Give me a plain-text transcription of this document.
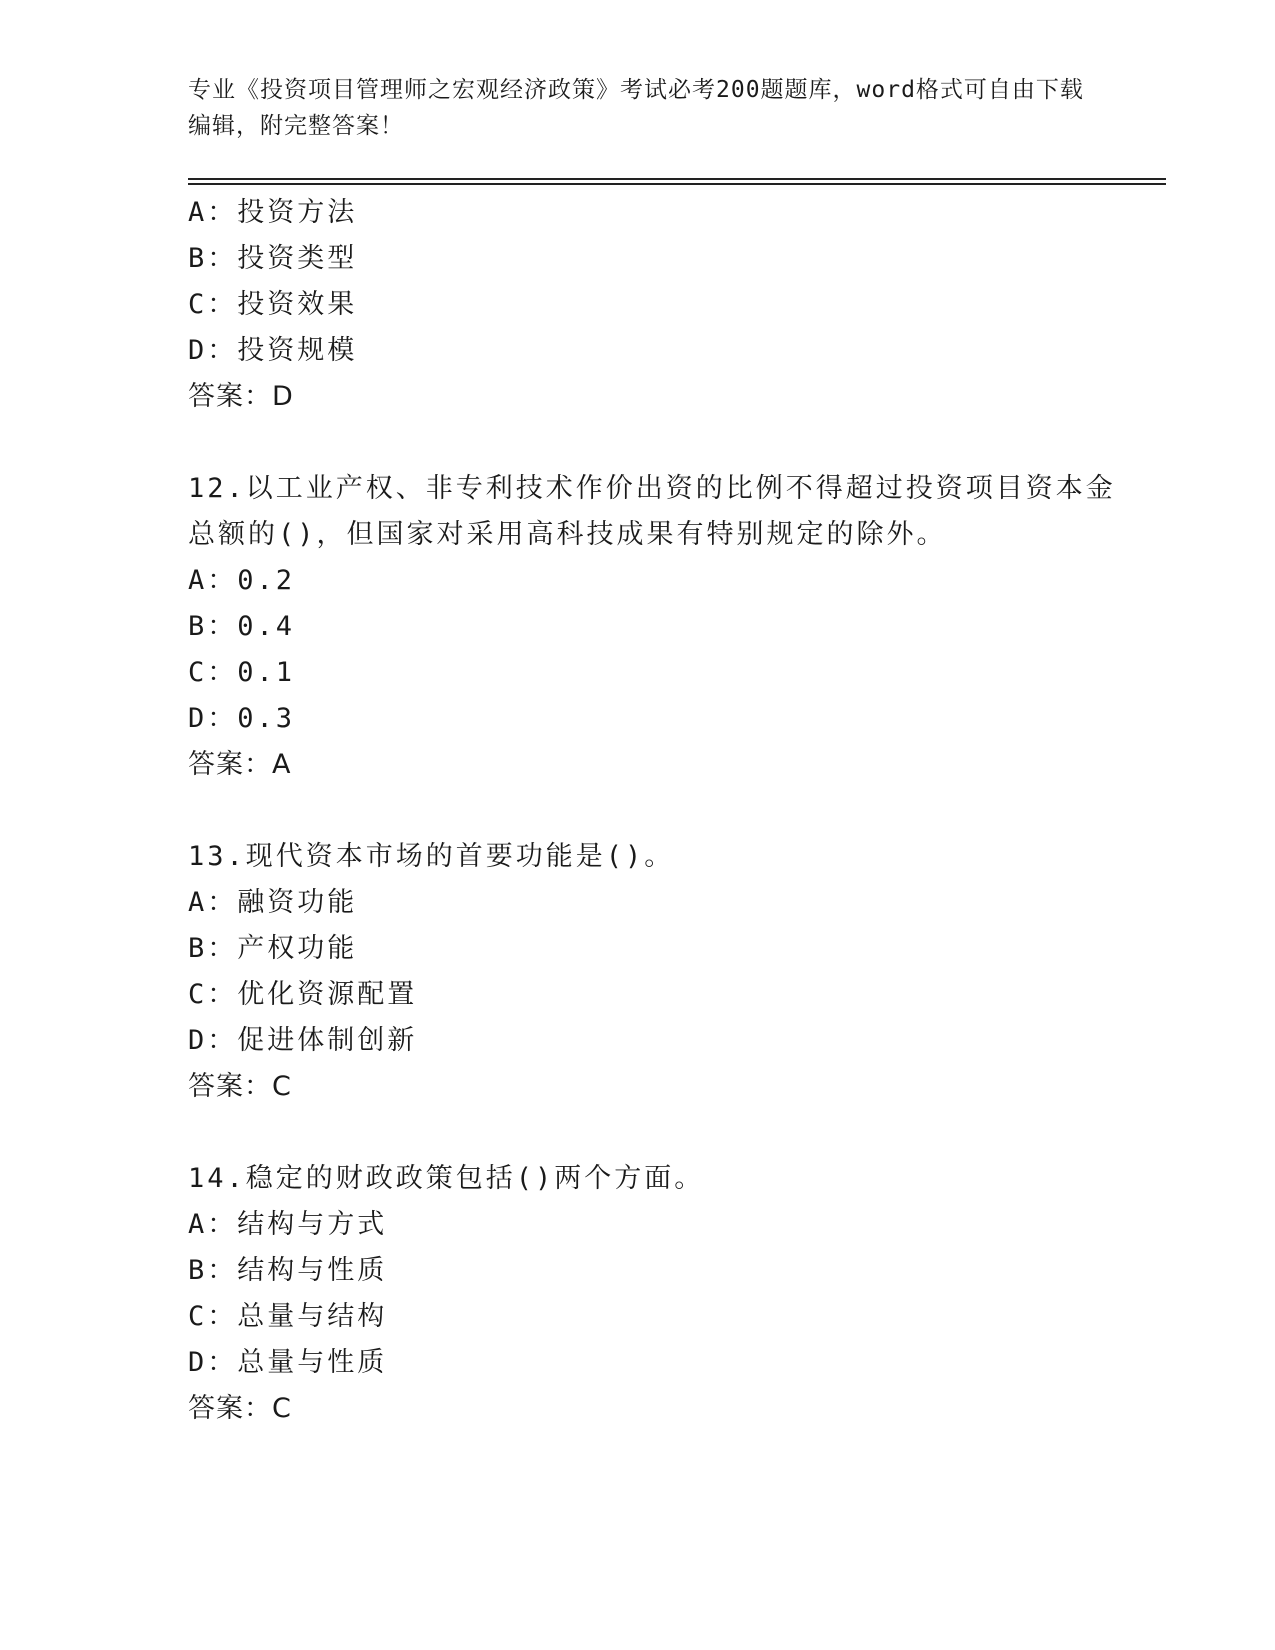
专业《投资项目管理师之宏观经济政策》考试必考200题题库，word格式可自由下载编辑，附完整答案！
A：投资方法
B：投资类型
C：投资效果
D：投资规模
答案：D
12.以工业产权、非专利技术作价出资的比例不得超过投资项目资本金总额的()，但国家对采用高科技成果有特别规定的除外。
A：0.2
B：0.4
C：0.1
D：0.3
答案：A
13.现代资本市场的首要功能是()。
A：融资功能
B：产权功能
C：优化资源配置
D：促进体制创新
答案：C
14.稳定的财政政策包括()两个方面。
A：结构与方式
B：结构与性质
C：总量与结构
D：总量与性质
答案：C
